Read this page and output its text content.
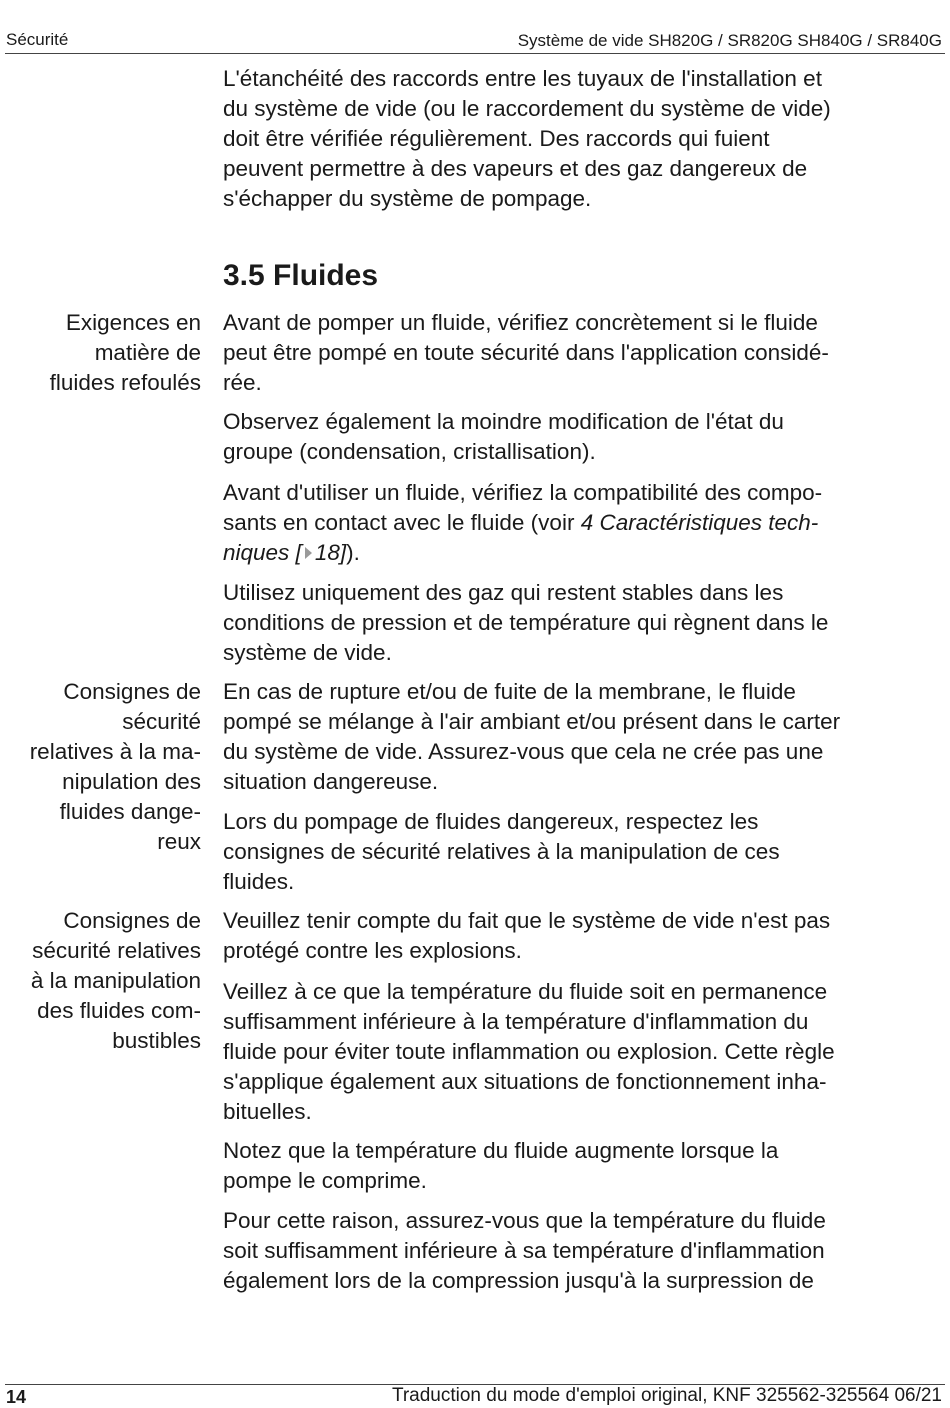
Sécurité	Système de vide SH820G / SR820G SH840G / SR840G

L'étanchéité des raccords entre les tuyaux de l'installation et
du système de vide (ou le raccordement du système de vide)
doit être vérifiée régulièrement. Des raccords qui fuient
peuvent permettre à des vapeurs et des gaz dangereux de
s'échapper du système de pompage.

3.5 Fluides

Exigences en
matière de
fluides refoulés

Consignes de
sécurité
relatives à la ma-
nipulation des
fluides dange-
reux

Consignes de
sécurité relatives
à la manipulation
des fluides com-
bustibles

Avant de pomper un fluide, vérifiez concrètement si le fluide
peut être pompé en toute sécurité dans l'application considé-
rée.

Observez également la moindre modification de l'état du
groupe (condensation, cristallisation).

Avant d'utiliser un fluide, vérifiez la compatibilité des compo-
sants en contact avec le fluide (voir 4 Caractéristiques tech-
niques [ 18]).

Utilisez uniquement des gaz qui restent stables dans les
conditions de pression et de température qui règnent dans le
système de vide.

En cas de rupture et/ou de fuite de la membrane, le fluide
pompé se mélange à l'air ambiant et/ou présent dans le carter
du système de vide. Assurez-vous que cela ne crée pas une
situation dangereuse.

Lors du pompage de fluides dangereux, respectez les
consignes de sécurité relatives à la manipulation de ces
fluides.

Veuillez tenir compte du fait que le système de vide n'est pas
protégé contre les explosions.

Veillez à ce que la température du fluide soit en permanence
suffisamment inférieure à la température d'inflammation du
fluide pour éviter toute inflammation ou explosion. Cette règle
s'applique également aux situations de fonctionnement inha-
bituelles.

Notez que la température du fluide augmente lorsque la
pompe le comprime.

Pour cette raison, assurez-vous que la température du fluide
soit suffisamment inférieure à sa température d'inflammation
également lors de la compression jusqu'à la surpression de

14	Traduction du mode d'emploi original, KNF 325562-325564 06/21
